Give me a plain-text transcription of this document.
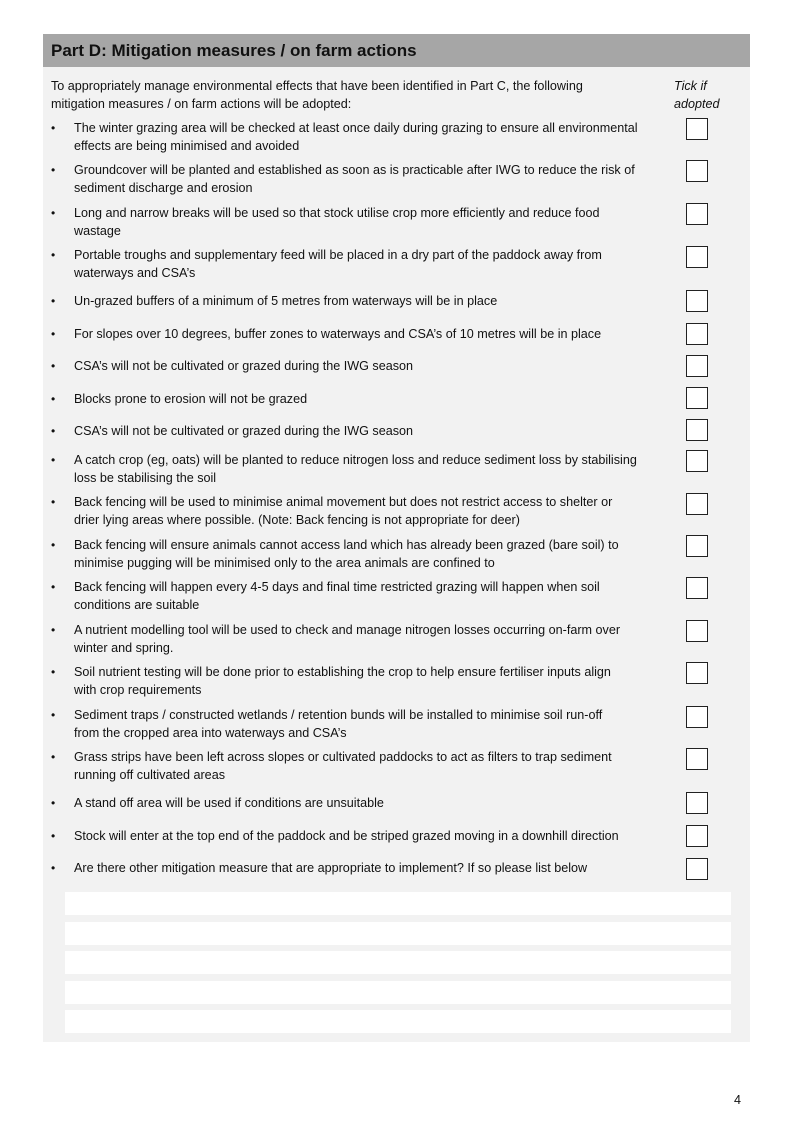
Part D: Mitigation measures / on farm actions
To appropriately manage environmental effects that have been identified in Part C, the following
mitigation measures / on farm actions will be adopted:
Tick if
adopted
• The winter grazing area will be checked at least once daily during grazing to ensure all environmental
effects are being minimised and avoided
• Groundcover will be planted and established as soon as is practicable after IWG to reduce the risk of
sediment discharge and erosion
• Long and narrow breaks will be used so that stock utilise crop more efficiently and reduce food
wastage
• Portable troughs and supplementary feed will be placed in a dry part of the paddock away from
waterways and CSA’s
• Un-grazed buffers of a minimum of 5 metres from waterways will be in place
• For slopes over 10 degrees, buffer zones to waterways and CSA’s of 10 metres will be in place
• CSA’s will not be cultivated or grazed during the IWG season
• Blocks prone to erosion will not be grazed
• CSA’s will not be cultivated or grazed during the IWG season
• A catch crop (eg, oats) will be planted to reduce nitrogen loss and reduce sediment loss by stabilising
loss be stabilising the soil
• Back fencing will be used to minimise animal movement but does not restrict access to shelter or
drier lying areas where possible. (Note: Back fencing is not appropriate for deer)
• Back fencing will ensure animals cannot access land which has already been grazed (bare soil) to
minimise pugging will be minimised only to the area animals are confined to
• Back fencing will happen every 4-5 days and final time restricted grazing will happen when soil
conditions are suitable
• A nutrient modelling tool will be used to check and manage nitrogen losses occurring on-farm over
winter and spring.
• Soil nutrient testing will be done prior to establishing the crop to help ensure fertiliser inputs align
with crop requirements
• Sediment traps / constructed wetlands / retention bunds will be installed to minimise soil run-off
from the cropped area into waterways and CSA’s
• Grass strips have been left across slopes or cultivated paddocks to act as filters to trap sediment
running off cultivated areas
• A stand off area will be used if conditions are unsuitable
• Stock will enter at the top end of the paddock and be striped grazed moving in a downhill direction
• Are there other mitigation measure that are appropriate to implement? If so please list below
4
